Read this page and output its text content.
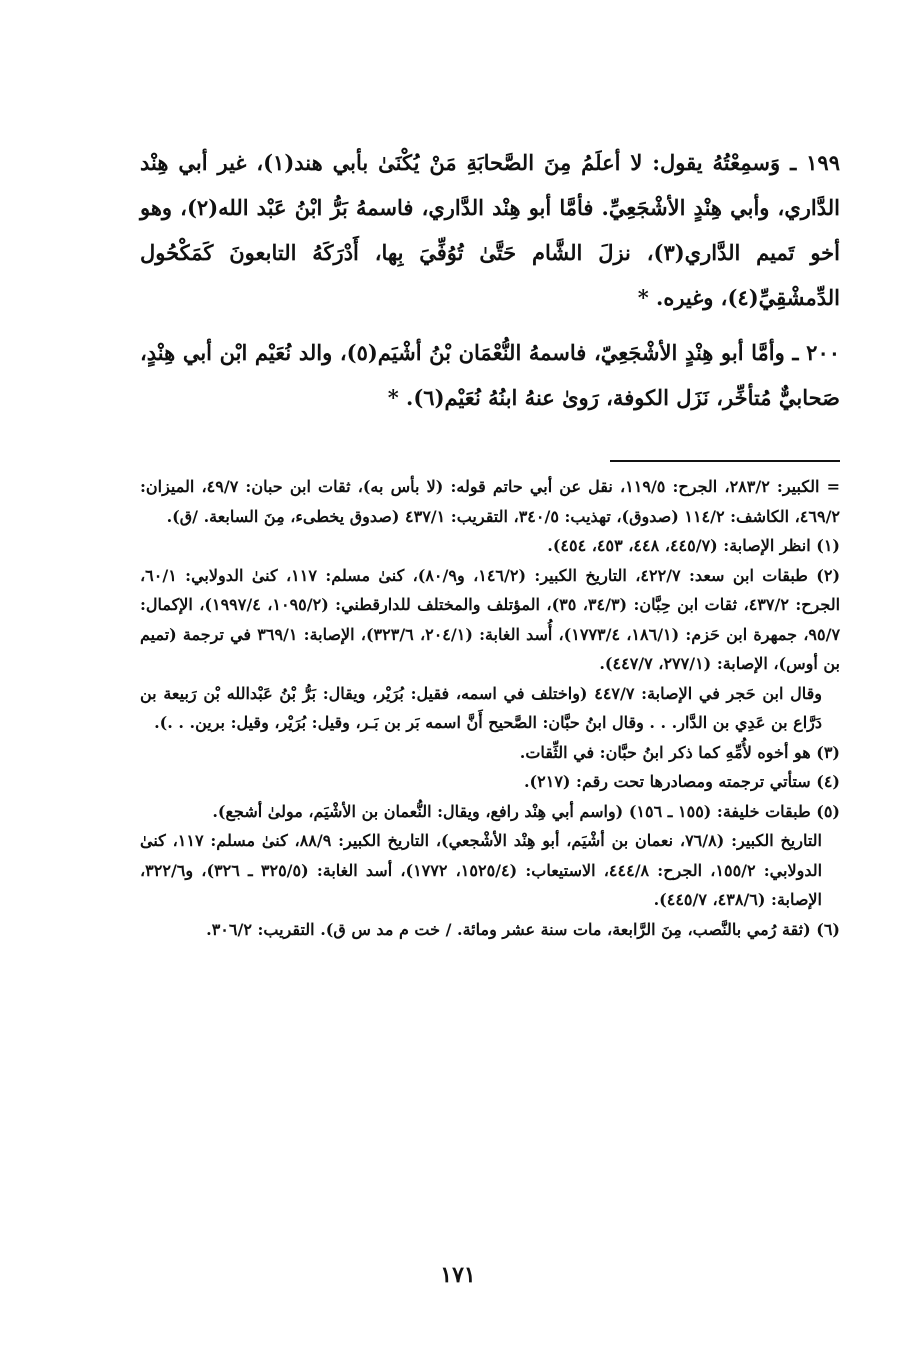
١٩٩ ـ وَسمِعْتُهُ يقول: لا أعلَمُ مِنَ الصَّحابَةِ مَنْ يُكْنَىٰ بأبي هند(١)، غير أبي هِنْد الدَّاري، وأبي هِنْدٍ الأشْجَعِيِّ. فأمَّا أبو هِنْد الدَّاري، فاسمهُ بَرُّ ابْنُ عَبْد الله(٢)، وهو أخو تَميم الدَّاري(٣)، نزلَ الشَّام حَتَّىٰ تُوُفِّيَ بِها، أَدْرَكَهُ التابعونَ كَمَكْحُول الدِّمشْقِيِّ(٤)، وغيره. *

٢٠٠ ـ وأمَّا أبو هِنْدٍ الأشْجَعِيّ، فاسمهُ النُّعْمَان بْنُ أشْيَم(٥)، والد نُعَيْم ابْن أبي هِنْدٍ، صَحابيٌّ مُتأخِّر، نَزَل الكوفة، رَوىٰ عنهُ ابنُهُ نُعَيْم(٦). *

= الكبير: ٢٨٣/٢، الجرح: ١١٩/٥، نقل عن أبي حاتم قوله: (لا بأس به)، ثقات ابن حبان: ٤٩/٧، الميزان: ٤٦٩/٢، الكاشف: ١١٤/٢ (صدوق)، تهذيب: ٣٤٠/٥، التقريب: ٤٣٧/١ (صدوق يخطىء، مِنَ السابعة. /ق).

(١) انظر الإصابة: (٤٤٥/٧، ٤٤٨، ٤٥٣، ٤٥٤).

(٢) طبقات ابن سعد: ٤٢٢/٧، التاريخ الكبير: (١٤٦/٢، و٨٠/٩)، كنىٰ مسلم: ١١٧، كنىٰ الدولابي: ٦٠/١، الجرح: ٤٣٧/٢، ثقات ابن حِبَّان: (٣٤/٣، ٣٥)، المؤتلف والمختلف للدارقطني: (١٠٩٥/٢، ١٩٩٧/٤)، الإكمال: ٩٥/٧، جمهرة ابن حَزم: (١٨٦/١، ١٧٧٣/٤)، أُسد الغابة: (٢٠٤/١، ٣٢٣/٦)، الإصابة: ٣٦٩/١ في ترجمة (تميم بن أوس)، الإصابة: (٢٧٧/١، ٤٤٧/٧).

وقال ابن حَجر في الإصابة: ٤٤٧/٧ (واختلف في اسمه، فقيل: بُرَيْر، ويقال: بَرُّ بْنُ عَبْدالله بْن رَبيعة بن دَرَّاع بن عَدِي بن الدَّار. . . وقال ابنُ حبَّان: الصَّحيح أَنَّ اسمه بَر بن بَـر، وقيل: بُرَيْر، وقيل: برين. . .).

(٣) هو أخوه لأُمِّهِ كما ذكر ابنُ حبَّان: في الثِّقات.

(٤) ستأتي ترجمته ومصادرها تحت رقم: (٢١٧).

(٥) طبقات خليفة: (١٥٥ ـ ١٥٦) (واسم أبي هِنْد رافع، ويقال: النُّعمان بن الأشْيَم، مولىٰ أشجع).

التاريخ الكبير: (٧٦/٨، نعمان بن أشْيَم، أبو هِنْد الأشْجعي)، التاريخ الكبير: ٨٨/٩، كنىٰ مسلم: ١١٧، كنىٰ الدولابي: ١٥٥/٢، الجرح: ٤٤٤/٨، الاستيعاب: (١٥٢٥/٤، ١٧٧٢)، أسد الغابة: (٣٢٥/٥ ـ ٣٢٦)، و٣٢٢/٦، الإصابة: (٤٣٨/٦، ٤٤٥/٧).

(٦) (ثقة رُمي بالنَّصب، مِنَ الرَّابعة، مات سنة عشر ومائة. / خت م مد س ق). التقريب: ٣٠٦/٢.

١٧١
